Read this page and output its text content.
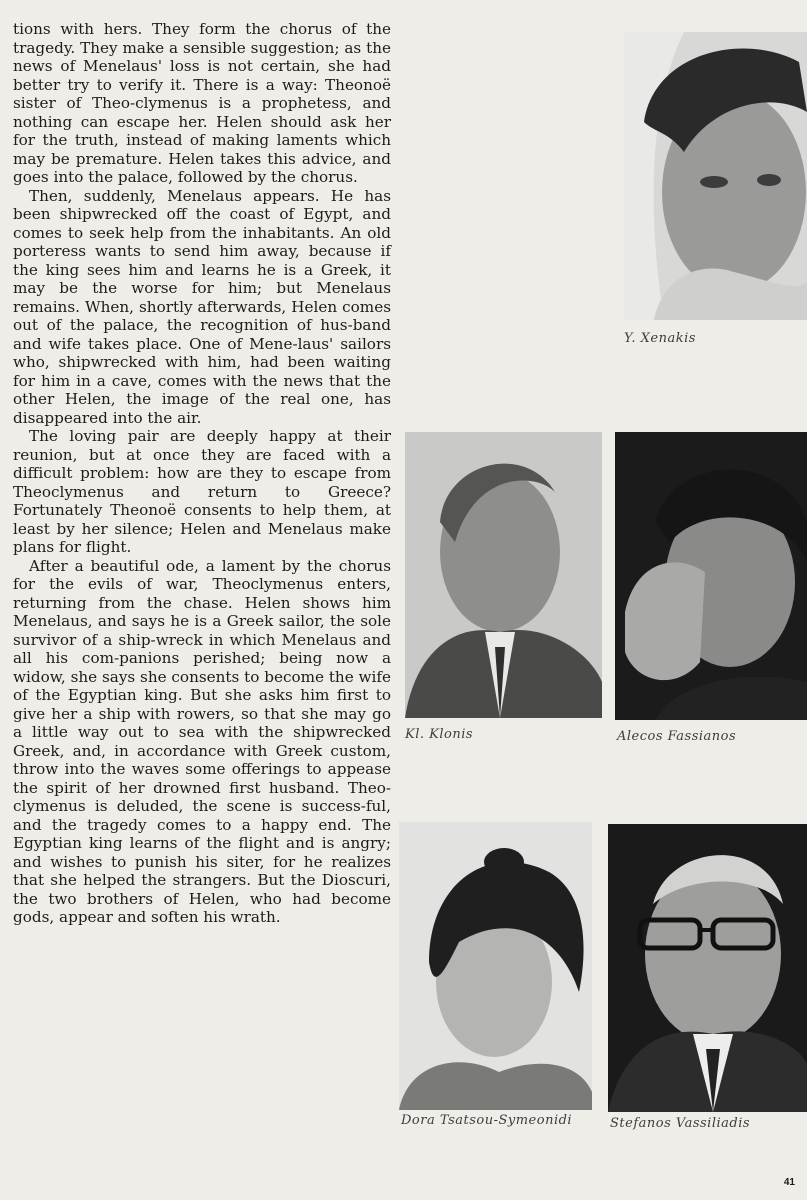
tions with hers. They form the chorus of the tragedy. They make a sensible suggestion; as the news of Menelaus' loss is not certain, she had better try to verify it. There is a way: Theonoë sister of Theo-clymenus is a prophetess, and nothing can escape her. Helen should ask her for the truth, instead of making laments which may be premature. Helen takes this advice, and goes into the palace, followed by the chorus.

Then, suddenly, Menelaus appears. He has been shipwrecked off the coast of Egypt, and comes to seek help from the inhabitants. An old porteress wants to send him away, because if the king sees him and learns he is a Greek, it may be the worse for him; but Menelaus remains. When, shortly afterwards, Helen comes out of the palace, the recognition of hus-band and wife takes place. One of Mene-laus' sailors who, shipwrecked with him, had been waiting for him in a cave, comes with the news that the other Helen, the image of the real one, has disappeared into the air.

The loving pair are deeply happy at their reunion, but at once they are faced with a difficult problem: how are they to escape from Theoclymenus and return to Greece? Fortunately Theonoë consents to help them, at least by her silence; Helen and Menelaus make plans for flight.

After a beautiful ode, a lament by the chorus for the evils of war, Theoclymenus enters, returning from the chase. Helen shows him Menelaus, and says he is a Greek sailor, the sole survivor of a ship-wreck in which Menelaus and all his com-panions perished; being now a widow, she says she consents to become the wife of the Egyptian king. But she asks him first to give her a ship with rowers, so that she may go a little way out to sea with the shipwrecked Greek, and, in accordance with Greek custom, throw into the waves some offerings to appease the spirit of her drowned first husband. Theo-clymenus is deluded, the scene is success-ful, and the tragedy comes to a happy end. The Egyptian king learns of the flight and is angry; and wishes to punish his siter, for he realizes that she helped the strangers. But the Dioscuri, the two brothers of Helen, who had become gods, appear and soften his wrath.

Y. Xenakis
Kl. Klonis	Alecos Fassianos
Dora Tsatsou-Symeonidi	Stefanos Vassiliadis
41
